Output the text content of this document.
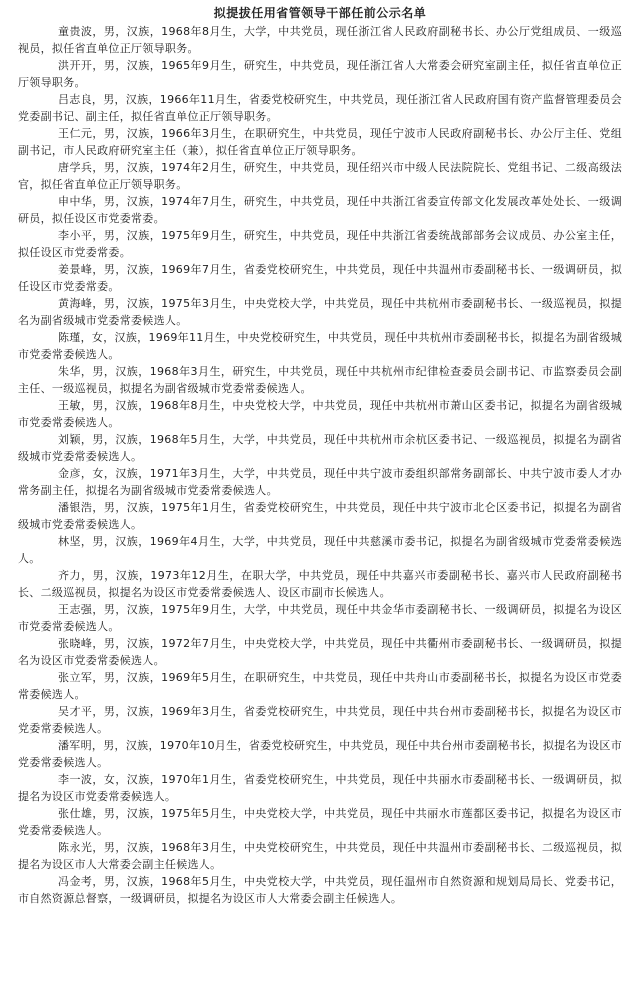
拟提拔任用省管领导干部任前公示名单

童贵波，男，汉族，1968年8月生，大学，中共党员，现任浙江省人民政府副秘书长、办公厅党组成员、一级巡视员，拟任省直单位正厅领导职务。

洪开开，男，汉族，1965年9月生，研究生，中共党员，现任浙江省人大常委会研究室副主任，拟任省直单位正厅领导职务。

吕志良，男，汉族，1966年11月生，省委党校研究生，中共党员，现任浙江省人民政府国有资产监督管理委员会党委副书记、副主任，拟任省直单位正厅领导职务。

王仁元，男，汉族，1966年3月生，在职研究生，中共党员，现任宁波市人民政府副秘书长、办公厅主任、党组副书记，市人民政府研究室主任（兼），拟任省直单位正厅领导职务。

唐学兵，男，汉族，1974年2月生，研究生，中共党员，现任绍兴市中级人民法院院长、党组书记、二级高级法官，拟任省直单位正厅领导职务。

申中华，男，汉族，1974年7月生，研究生，中共党员，现任中共浙江省委宣传部文化发展改革处处长、一级调研员，拟任设区市党委常委。

李小平，男，汉族，1975年9月生，研究生，中共党员，现任中共浙江省委统战部部务会议成员、办公室主任，拟任设区市党委常委。

姜景峰，男，汉族，1969年7月生，省委党校研究生，中共党员，现任中共温州市委副秘书长、一级调研员，拟任设区市党委常委。

黄海峰，男，汉族，1975年3月生，中央党校大学，中共党员，现任中共杭州市委副秘书长、一级巡视员，拟提名为副省级城市党委常委候选人。

陈瑾，女，汉族，1969年11月生，中央党校研究生，中共党员，现任中共杭州市委副秘书长，拟提名为副省级城市党委常委候选人。

朱华，男，汉族，1968年3月生，研究生，中共党员，现任中共杭州市纪律检查委员会副书记、市监察委员会副主任、一级巡视员，拟提名为副省级城市党委常委候选人。

王敏，男，汉族，1968年8月生，中央党校大学，中共党员，现任中共杭州市萧山区委书记，拟提名为副省级城市党委常委候选人。

刘颖，男，汉族，1968年5月生，大学，中共党员，现任中共杭州市余杭区委书记、一级巡视员，拟提名为副省级城市党委常委候选人。

金彦，女，汉族，1971年3月生，大学，中共党员，现任中共宁波市委组织部常务副部长、中共宁波市委人才办常务副主任，拟提名为副省级城市党委常委候选人。

潘银浩，男，汉族，1975年1月生，省委党校研究生，中共党员，现任中共宁波市北仑区委书记，拟提名为副省级城市党委常委候选人。

林坚，男，汉族，1969年4月生，大学，中共党员，现任中共慈溪市委书记，拟提名为副省级城市党委常委候选人。

齐力，男，汉族，1973年12月生，在职大学，中共党员，现任中共嘉兴市委副秘书长、嘉兴市人民政府副秘书长、二级巡视员，拟提名为设区市党委常委候选人、设区市副市长候选人。

王志强，男，汉族，1975年9月生，大学，中共党员，现任中共金华市委副秘书长、一级调研员，拟提名为设区市党委常委候选人。

张晓峰，男，汉族，1972年7月生，中央党校大学，中共党员，现任中共衢州市委副秘书长、一级调研员，拟提名为设区市党委常委候选人。

张立军，男，汉族，1969年5月生，在职研究生，中共党员，现任中共舟山市委副秘书长，拟提名为设区市党委常委候选人。

吴才平，男，汉族，1969年3月生，省委党校研究生，中共党员，现任中共台州市委副秘书长，拟提名为设区市党委常委候选人。

潘军明，男，汉族，1970年10月生，省委党校研究生，中共党员，现任中共台州市委副秘书长，拟提名为设区市党委常委候选人。

李一波，女，汉族，1970年1月生，省委党校研究生，中共党员，现任中共丽水市委副秘书长、一级调研员，拟提名为设区市党委常委候选人。

张仕雄，男，汉族，1975年5月生，中央党校大学，中共党员，现任中共丽水市莲都区委书记，拟提名为设区市党委常委候选人。

陈永光，男，汉族，1968年3月生，中央党校研究生，中共党员，现任中共温州市委副秘书长、二级巡视员，拟提名为设区市人大常委会副主任候选人。

冯金考，男，汉族，1968年5月生，中央党校大学，中共党员，现任温州市自然资源和规划局局长、党委书记，市自然资源总督察，一级调研员，拟提名为设区市人大常委会副主任候选人。
